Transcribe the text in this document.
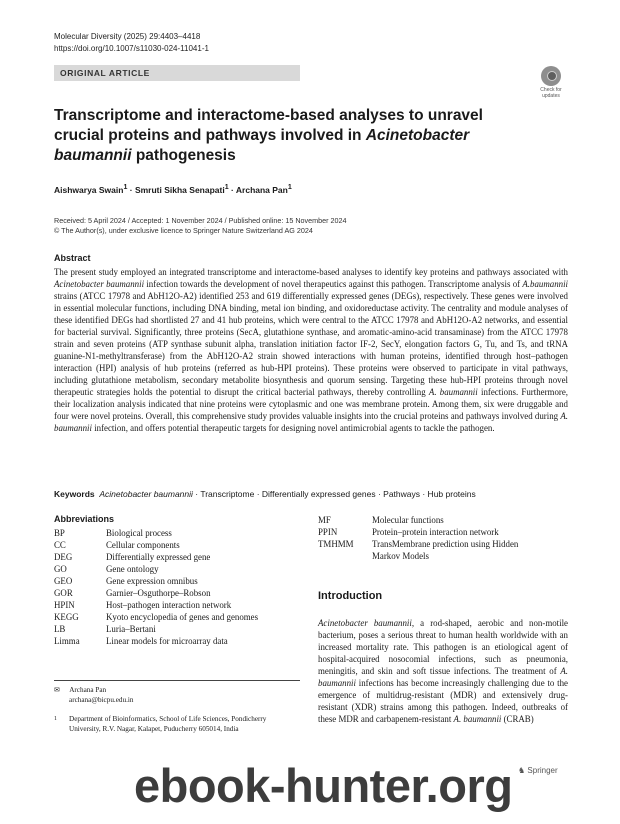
Molecular Diversity (2025) 29:4403–4418
https://doi.org/10.1007/s11030-024-11041-1
ORIGINAL ARTICLE
Check for updates
Transcriptome and interactome-based analyses to unravel crucial proteins and pathways involved in Acinetobacter baumannii pathogenesis
Aishwarya Swain$^1$ · Smruti Sikha Senapati$^1$ · Archana Pan$^1$
Received: 5 April 2024 / Accepted: 1 November 2024 / Published online: 15 November 2024
© The Author(s), under exclusive licence to Springer Nature Switzerland AG 2024
Abstract
The present study employed an integrated transcriptome and interactome-based analyses to identify key proteins and pathways associated with Acinetobacter baumannii infection towards the development of novel therapeutics against this pathogen. Transcriptome analysis of A.baumannii strains (ATCC 17978 and AbH12O-A2) identified 253 and 619 differentially expressed genes (DEGs), respectively. These genes were involved in essential molecular functions, including DNA binding, metal ion binding, and oxidoreductase activity. The centrality and module analyses of these identified DEGs had shortlisted 27 and 41 hub proteins, which were central to the ATCC 17978 and AbH12O-A2 networks, and essential for bacterial survival. Significantly, three proteins (SecA, glutathione synthase, and aromatic-amino-acid transaminase) from the ATCC 17978 strain and seven proteins (ATP synthase subunit alpha, translation initiation factor IF-2, SecY, elongation factors G, Tu, and Ts, and tRNA guanine-N1-methyltransferase) from the AbH12O-A2 strain showed interactions with human proteins, identified through host–pathogen interaction (HPI) analysis of hub proteins (referred as hub-HPI proteins). These proteins were observed to participate in vital pathways, including glutathione metabolism, secondary metabolite biosynthesis and quorum sensing. Targeting these hub-HPI proteins through novel therapeutic strategies holds the potential to disrupt the critical bacterial pathways, thereby controlling A. baumannii infections. Furthermore, their localization analysis indicated that nine proteins were cytoplasmic and one was membrane protein. Among them, six were druggable and four were novel proteins. Overall, this comprehensive study provides valuable insights into the crucial proteins and pathways involved during A. baumannii infection, and offers potential therapeutic targets for designing novel antimicrobial agents to tackle the pathogen.
Keywords Acinetobacter baumannii · Transcriptome · Differentially expressed genes · Pathways · Hub proteins
Abbreviations
BP	Biological process
CC	Cellular components
DEG	Differentially expressed gene
GO	Gene ontology
GEO	Gene expression omnibus
GOR	Garnier–Osguthorpe–Robson
HPIN	Host–pathogen interaction network
KEGG	Kyoto encyclopedia of genes and genomes
LB	Luria–Bertani
Limma	Linear models for microarray data
MF	Molecular functions
PPIN	Protein–protein interaction network
TMHMM	TransMembrane prediction using Hidden Markov Models
✉ Archana Pan
archana@bicpu.edu.in
1	Department of Bioinformatics, School of Life Sciences, Pondicherry University, R.V. Nagar, Kalapet, Puducherry 605014, India
Introduction
Acinetobacter baumannii, a rod-shaped, aerobic and non-motile bacterium, poses a serious threat to human health worldwide with an increased mortality rate. This pathogen is an etiological agent of hospital-acquired nosocomial infections, such as pneumonia, meningitis, and skin and soft tissue infections. The treatment of A. baumannii infections has become increasingly challenging due to the emergence of multidrug-resistant (MDR) and extensively drug-resistant (XDR) strains among this pathogen. Indeed, outbreaks of these MDR and carbapenem-resistant A. baumannii (CRAB)
♞ Springer
ebook-hunter.org
